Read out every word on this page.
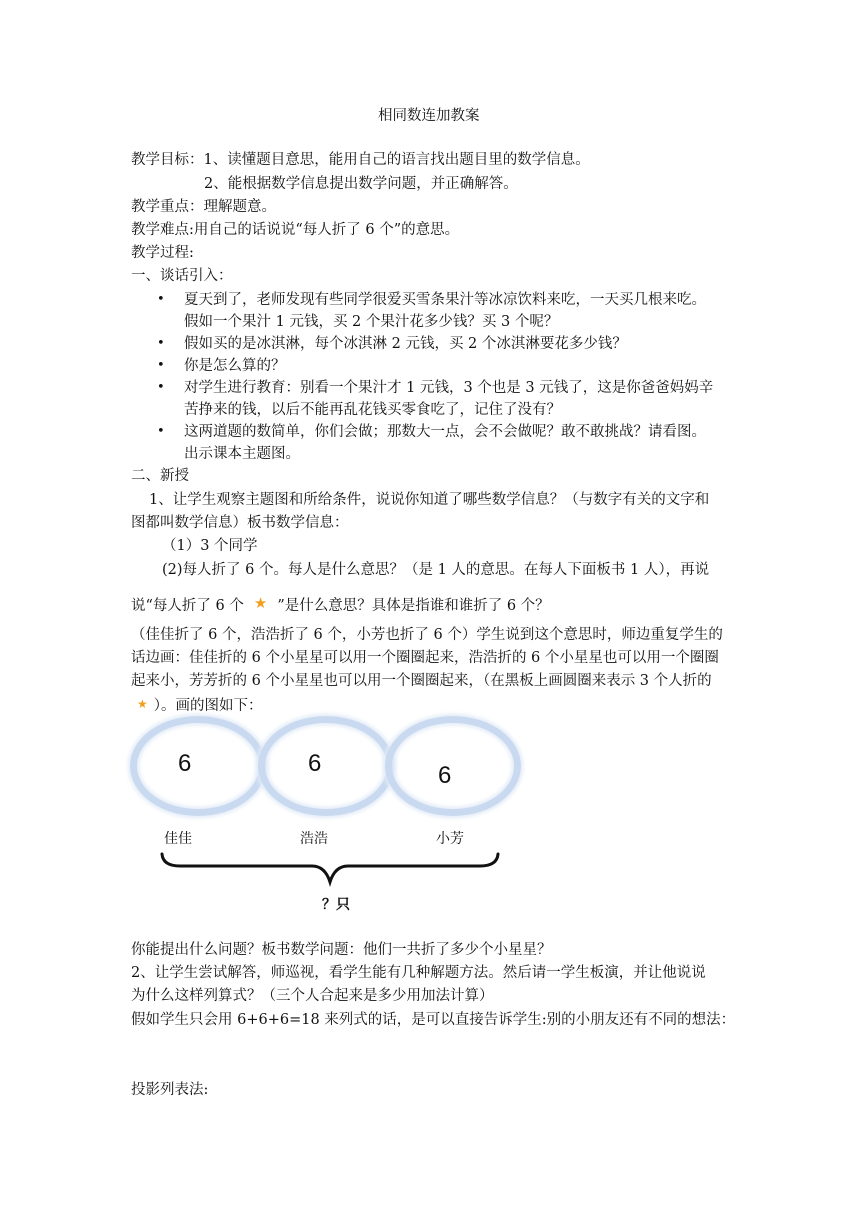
相同数连加教案
教学目标：1、读懂题目意思，能用自己的语言找出题目里的数学信息。
2、能根据数学信息提出数学问题，并正确解答。
教学重点：理解题意。
教学难点:用自己的话说说“每人折了 6 个”的意思。
教学过程:
一、谈话引入：
• 夏天到了，老师发现有些同学很爱买雪条果汁等冰凉饮料来吃，一天买几根来吃。
假如一个果汁 1 元钱，买 2 个果汁花多少钱？买 3 个呢？
• 假如买的是冰淇淋，每个冰淇淋 2 元钱，买 2 个冰淇淋要花多少钱？
• 你是怎么算的？
• 对学生进行教育：别看一个果汁才 1 元钱，3 个也是 3 元钱了，这是你爸爸妈妈辛
苦挣来的钱，以后不能再乱花钱买零食吃了，记住了没有？
• 这两道题的数简单，你们会做；那数大一点，会不会做呢？敢不敢挑战？请看图。
出示课本主题图。
二、新授
1、让学生观察主题图和所给条件，说说你知道了哪些数学信息？（与数字有关的文字和
图都叫数学信息）板书数学信息：
（1）3 个同学
(2)每人折了 6 个。每人是什么意思？（是 1 人的意思。在每人下面板书 1 人），再说
说“每人折了 6 个 ★ ”是什么意思？具体是指谁和谁折了 6 个？
（佳佳折了 6 个，浩浩折了 6 个，小芳也折了 6 个）学生说到这个意思时，师边重复学生的
话边画：佳佳折的 6 个小星星可以用一个圈圈起来，浩浩折的 6 个小星星也可以用一个圈圈
起来小，芳芳折的 6 个小星星也可以用一个圈圈起来，（在黑板上画圆圈来表示 3 个人折的
★ ）。画的图如下：
6	6	6
佳佳	浩浩	小芳
？只
你能提出什么问题？板书数学问题：他们一共折了多少个小星星？
2、让学生尝试解答，师巡视，看学生能有几种解题方法。然后请一学生板演，并让他说说
为什么这样列算式？（三个人合起来是多少用加法计算）
假如学生只会用 6+6+6=18 来列式的话，是可以直接告诉学生:别的小朋友还有不同的想法：
投影列表法:
